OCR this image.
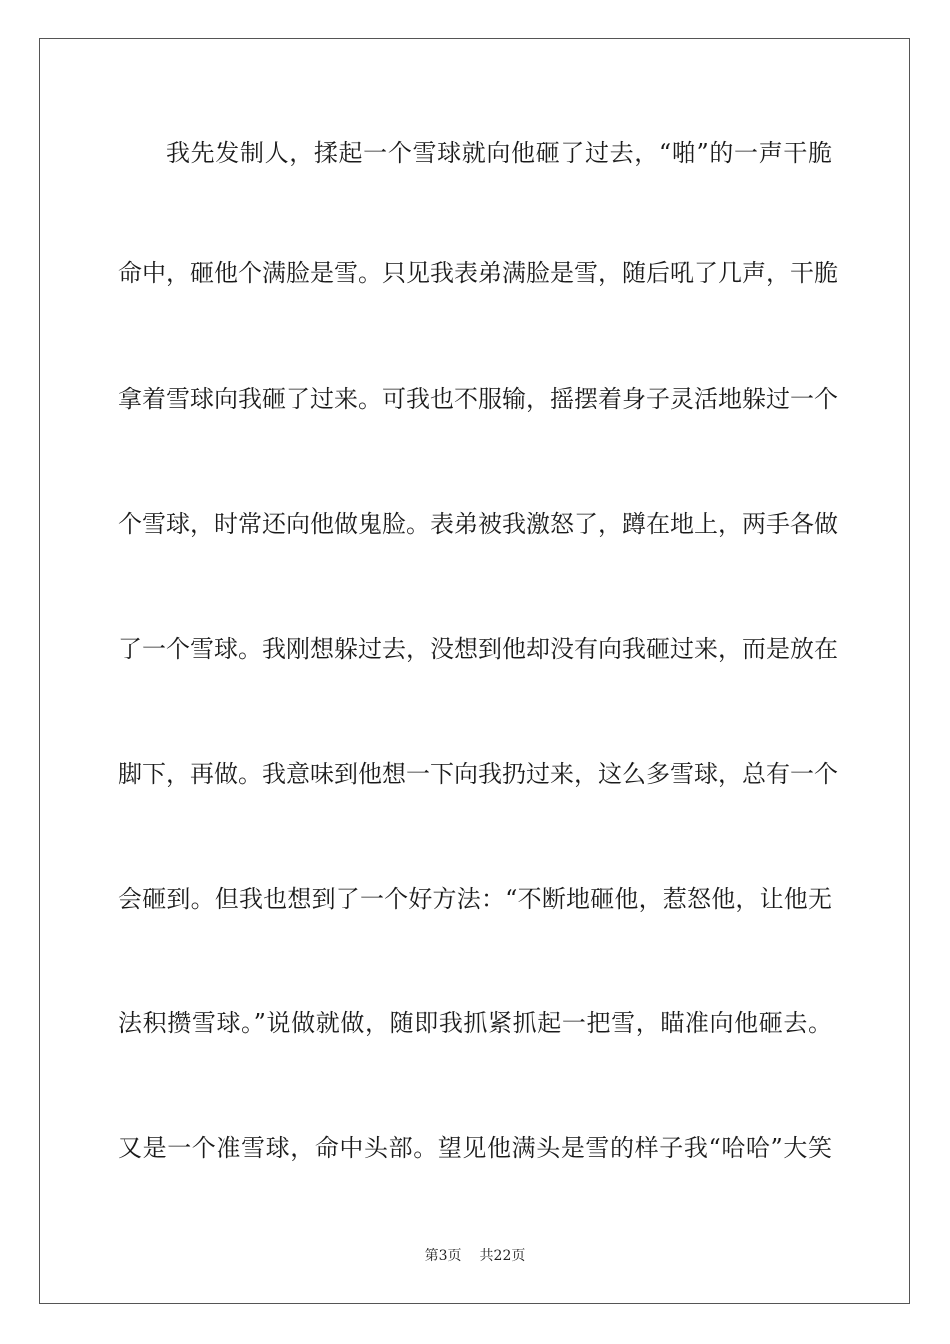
我先发制人，揉起一个雪球就向他砸了过去，“啪”的一声干脆
命中，砸他个满脸是雪。只见我表弟满脸是雪，随后吼了几声，干脆
拿着雪球向我砸了过来。可我也不服输，摇摆着身子灵活地躲过一个
个雪球，时常还向他做鬼脸。表弟被我激怒了，蹲在地上，两手各做
了一个雪球。我刚想躲过去，没想到他却没有向我砸过来，而是放在
脚下，再做。我意味到他想一下向我扔过来，这么多雪球，总有一个
会砸到。但我也想到了一个好方法：“不断地砸他，惹怒他，让他无
法积攒雪球。”说做就做，随即我抓紧抓起一把雪，瞄准向他砸去。
又是一个准雪球，命中头部。望见他满头是雪的样子我“哈哈”大笑
第3页 共22页
